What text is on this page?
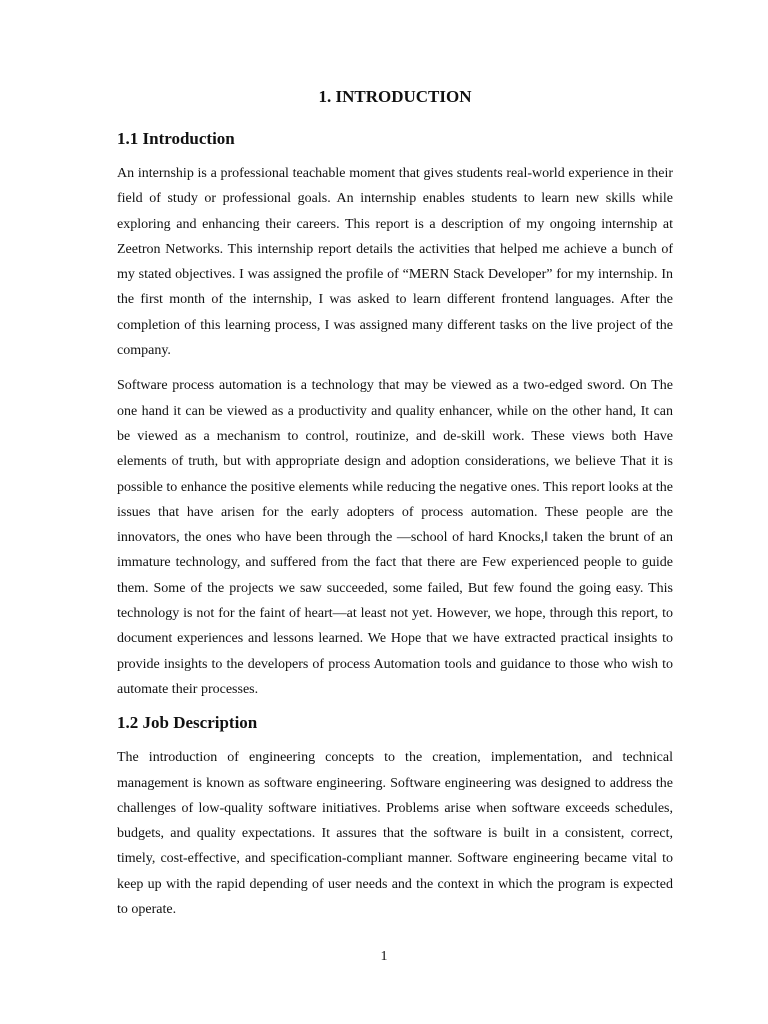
1. INTRODUCTION
1.1 Introduction

An internship is a professional teachable moment that gives students real-world experience in their field of study or professional goals. An internship enables students to learn new skills while exploring and enhancing their careers. This report is a description of my ongoing internship at Zeetron Networks. This internship report details the activities that helped me achieve a bunch of my stated objectives. I was assigned the profile of “MERN Stack Developer” for my internship. In the first month of the internship, I was asked to learn different frontend languages. After the completion of this learning process, I was assigned many different tasks on the live project of the company.

Software process automation is a technology that may be viewed as a two-edged sword. On The one hand it can be viewed as a productivity and quality enhancer, while on the other hand, It can be viewed as a mechanism to control, routinize, and de-skill work. These views both Have elements of truth, but with appropriate design and adoption considerations, we believe That it is possible to enhance the positive elements while reducing the negative ones. This report looks at the issues that have arisen for the early adopters of process automation. These people are the innovators, the ones who have been through the ―school of hard Knocks,‖ taken the brunt of an immature technology, and suffered from the fact that there are Few experienced people to guide them. Some of the projects we saw succeeded, some failed, But few found the going easy. This technology is not for the faint of heart—at least not yet. However, we hope, through this report, to document experiences and lessons learned. We Hope that we have extracted practical insights to provide insights to the developers of process Automation tools and guidance to those who wish to automate their processes.

1.2 Job Description

The introduction of engineering concepts to the creation, implementation, and technical management is known as software engineering. Software engineering was designed to address the challenges of low-quality software initiatives. Problems arise when software exceeds schedules, budgets, and quality expectations. It assures that the software is built in a consistent, correct, timely, cost-effective, and specification-compliant manner. Software engineering became vital to keep up with the rapid depending of user needs and the context in which the program is expected to operate.

1
